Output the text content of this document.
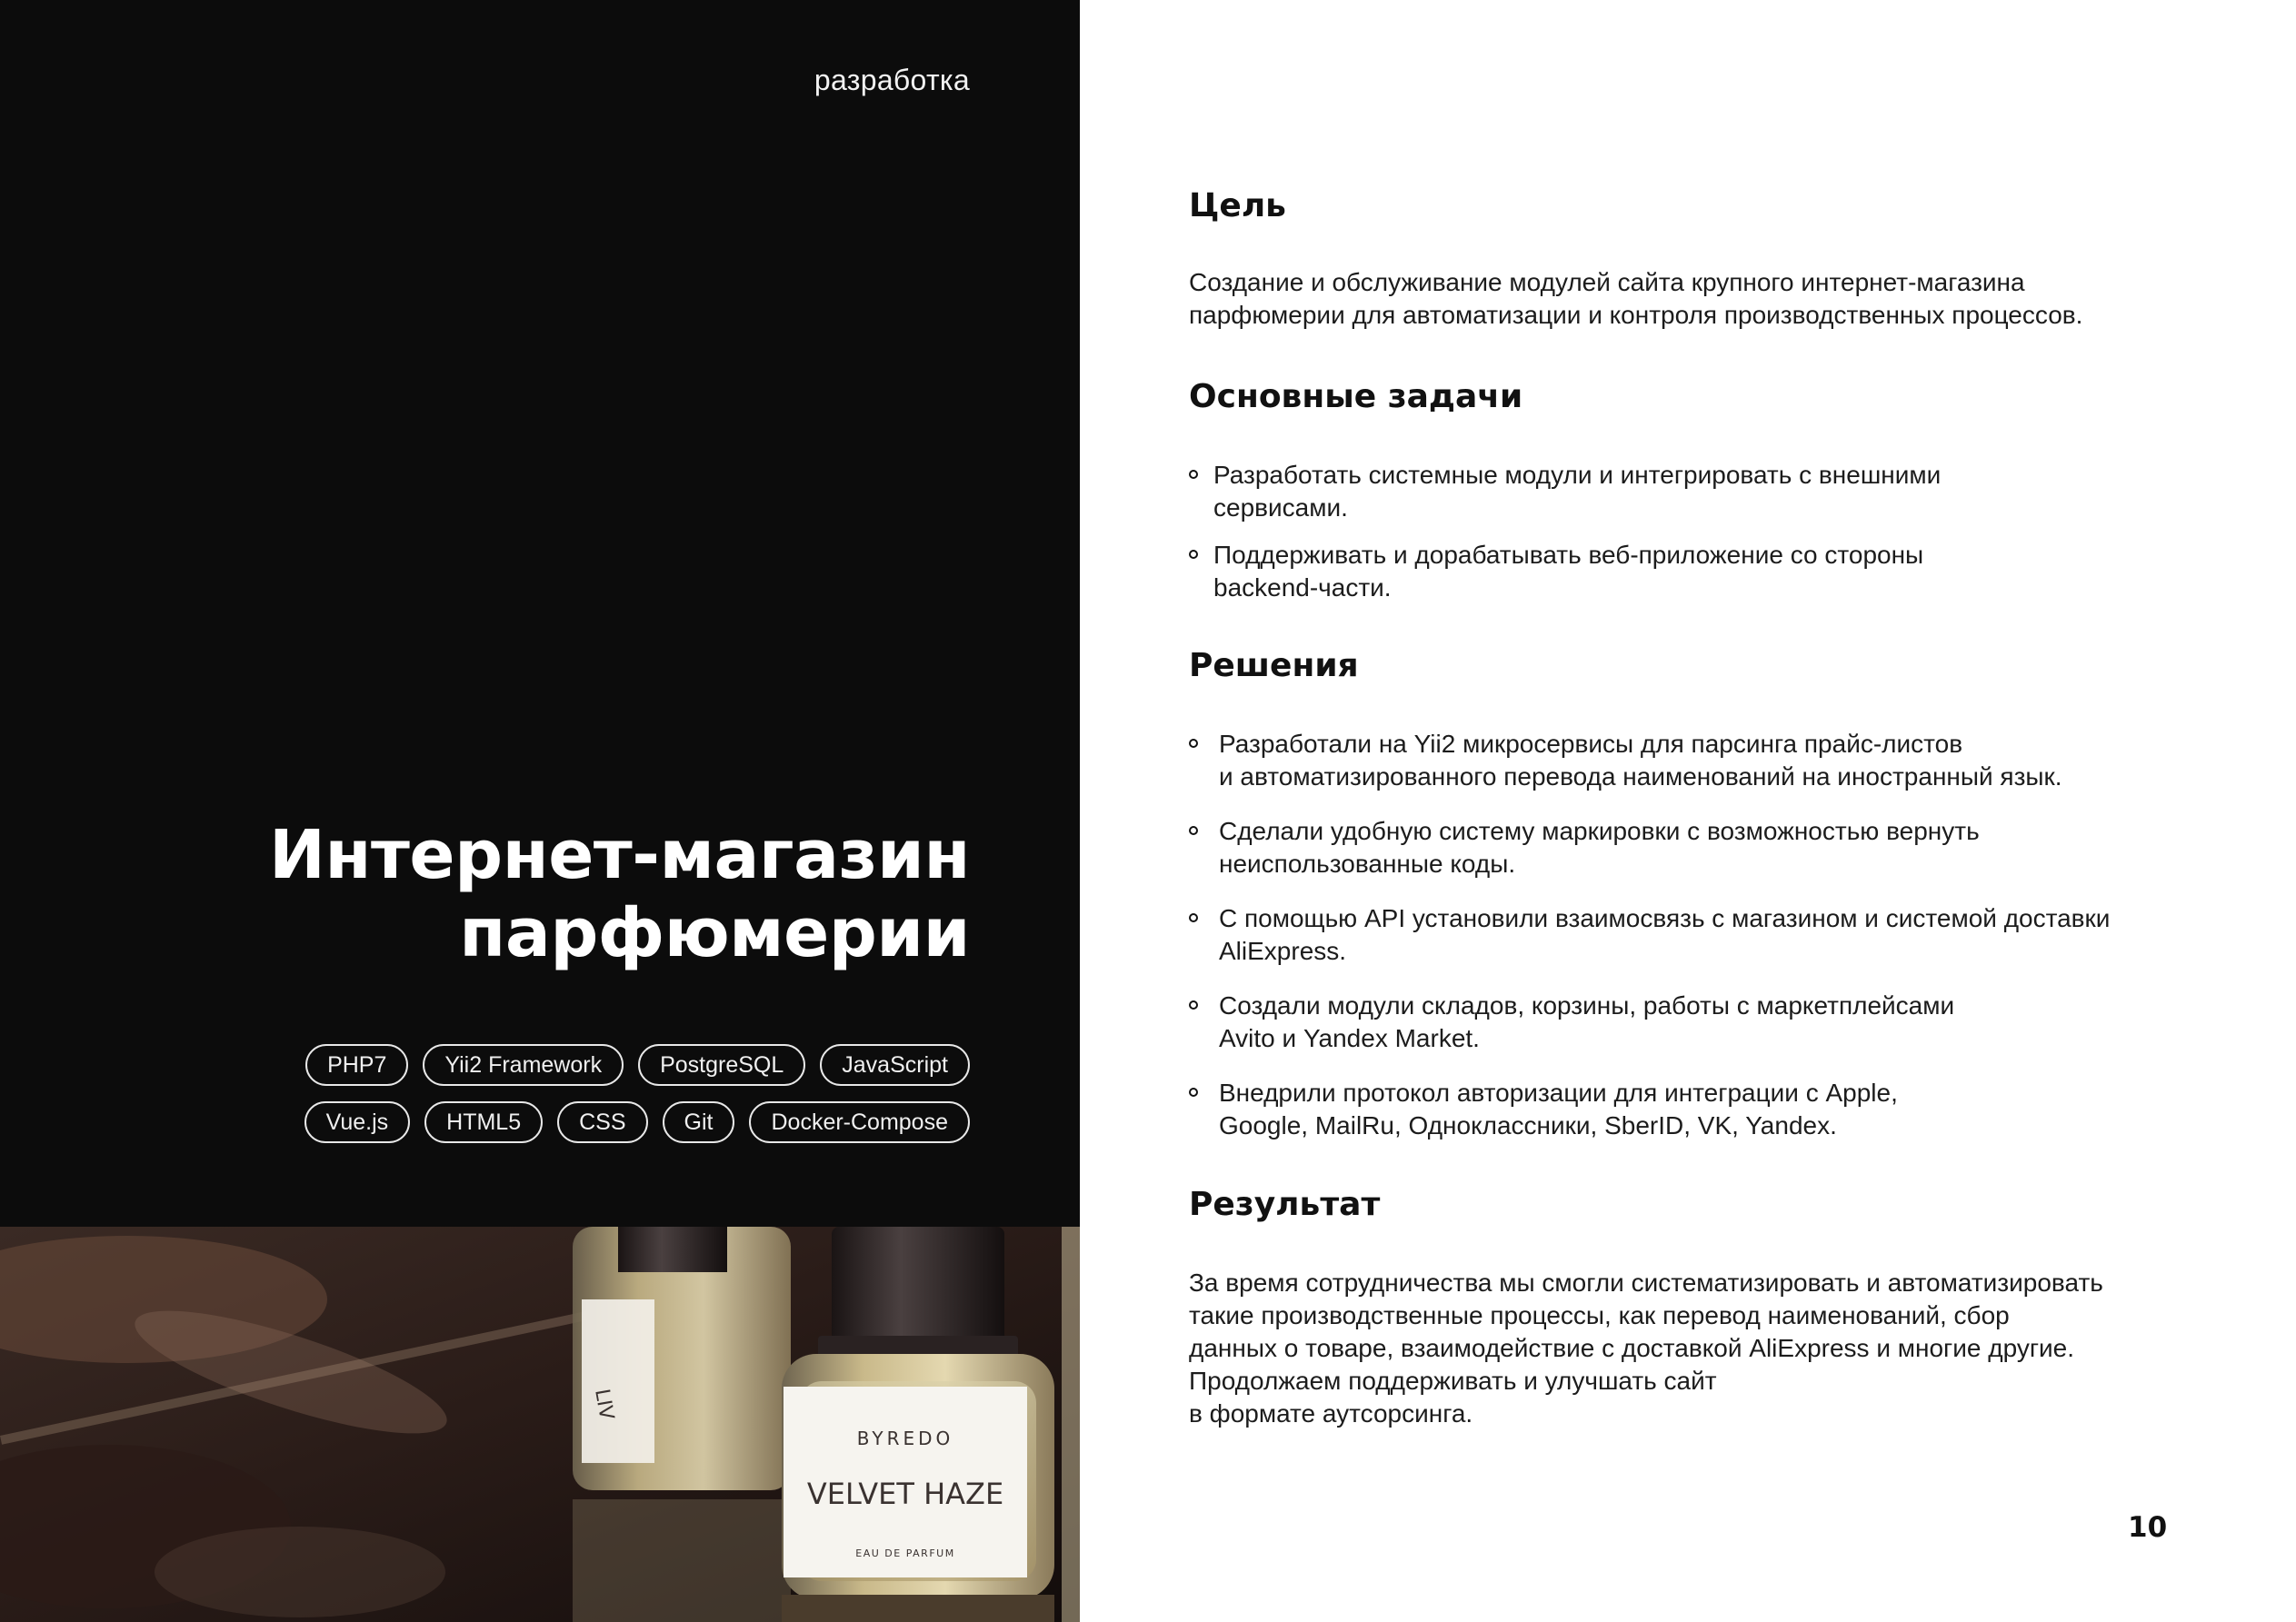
разработка
Интернет-магазин
парфюмерии
PHP7	Yii2 Framework	PostgreSQL	JavaScript
Vue.js	HTML5	CSS	Git	Docker-Compose
LIV
BYREDO
VELVET HAZE
EAU DE PARFUM
Цель
Создание и обслуживание модулей сайта крупного интернет-магазина
парфюмерии для автоматизации и контроля производственных процессов.
Основные задачи
Разработать системные модули и интегрировать с внешними
сервисами.
Поддерживать и дорабатывать веб-приложение со стороны
backend-части.
Решения
Разработали на Yii2 микросервисы для парсинга прайс-листов
и автоматизированного перевода наименований на иностранный язык.
Сделали удобную систему маркировки с возможностью вернуть
неиспользованные коды.
С помощью API установили взаимосвязь с магазином и системой доставки
AliExpress.
Создали модули складов, корзины, работы с маркетплейсами
Avito и Yandex Market.
Внедрили протокол авторизации для интеграции с Apple,
Google, MailRu, Одноклассники, SberID, VK, Yandex.
Результат
За время сотрудничества мы смогли систематизировать и автоматизировать
такие производственные процессы, как перевод наименований, сбор
данных о товаре, взаимодействие с доставкой AliExpress и многие другие.
Продолжаем поддерживать и улучшать сайт
в формате аутсорсинга.
10
